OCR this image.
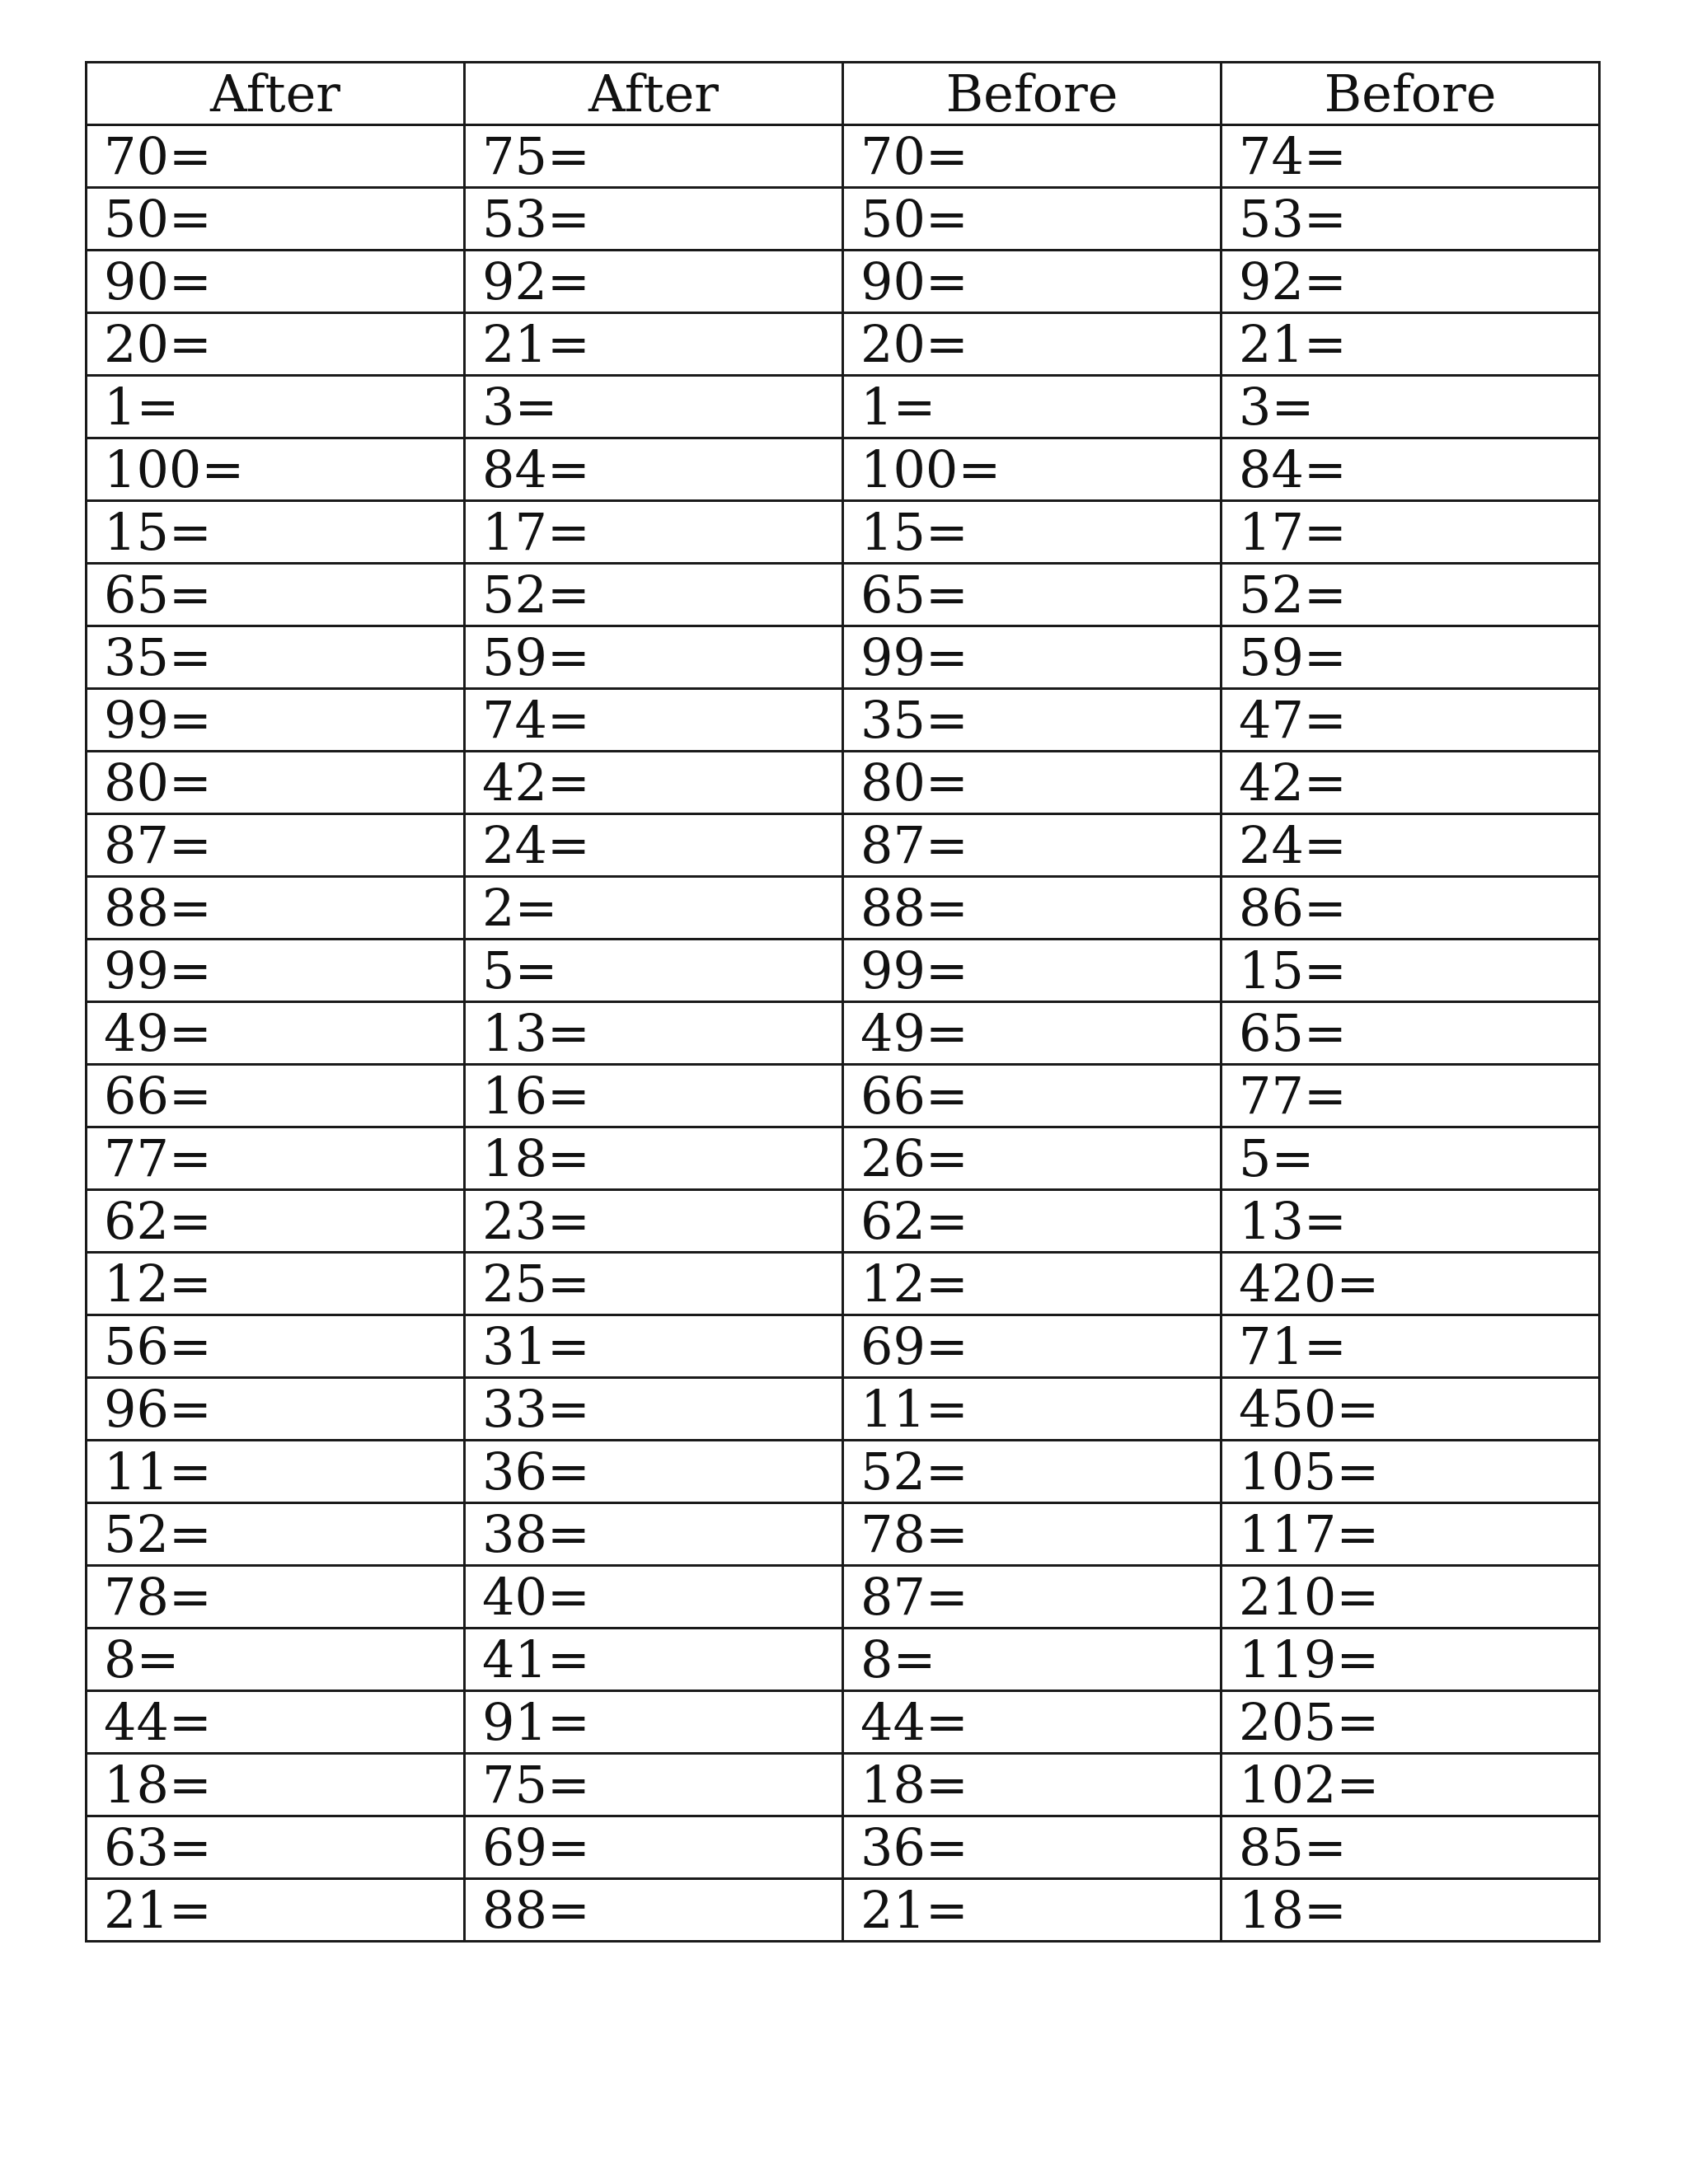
After	After	Before	Before
70=	75=	70=	74=
50=	53=	50=	53=
90=	92=	90=	92=
20=	21=	20=	21=
1=	3=	1=	3=
100=	84=	100=	84=
15=	17=	15=	17=
65=	52=	65=	52=
35=	59=	99=	59=
99=	74=	35=	47=
80=	42=	80=	42=
87=	24=	87=	24=
88=	2=	88=	86=
99=	5=	99=	15=
49=	13=	49=	65=
66=	16=	66=	77=
77=	18=	26=	5=
62=	23=	62=	13=
12=	25=	12=	420=
56=	31=	69=	71=
96=	33=	11=	450=
11=	36=	52=	105=
52=	38=	78=	117=
78=	40=	87=	210=
8=	41=	8=	119=
44=	91=	44=	205=
18=	75=	18=	102=
63=	69=	36=	85=
21=	88=	21=	18=
